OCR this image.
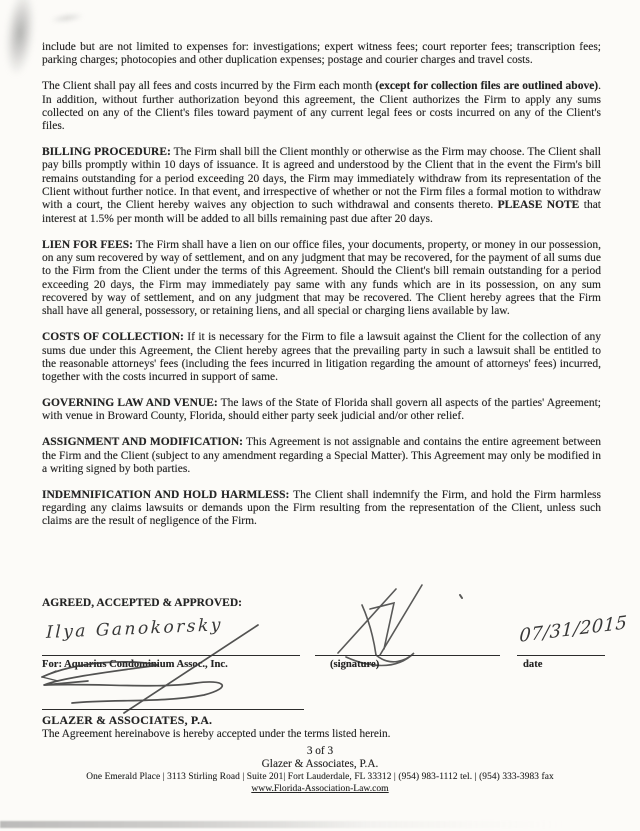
include but are not limited to expenses for: investigations; expert witness fees; court reporter fees; transcription fees; parking charges; photocopies and other duplication expenses; postage and courier charges and travel costs.

The Client shall pay all fees and costs incurred by the Firm each month (except for collection files are outlined above). In addition, without further authorization beyond this agreement, the Client authorizes the Firm to apply any sums collected on any of the Client's files toward payment of any current legal fees or costs incurred on any of the Client's files.

BILLING PROCEDURE: The Firm shall bill the Client monthly or otherwise as the Firm may choose. The Client shall pay bills promptly within 10 days of issuance. It is agreed and understood by the Client that in the event the Firm's bill remains outstanding for a period exceeding 20 days, the Firm may immediately withdraw from its representation of the Client without further notice. In that event, and irrespective of whether or not the Firm files a formal motion to withdraw with a court, the Client hereby waives any objection to such withdrawal and consents thereto. PLEASE NOTE that interest at 1.5% per month will be added to all bills remaining past due after 20 days.

LIEN FOR FEES: The Firm shall have a lien on our office files, your documents, property, or money in our possession, on any sum recovered by way of settlement, and on any judgment that may be recovered, for the payment of all sums due to the Firm from the Client under the terms of this Agreement. Should the Client's bill remain outstanding for a period exceeding 20 days, the Firm may immediately pay same with any funds which are in its possession, on any sum recovered by way of settlement, and on any judgment that may be recovered. The Client hereby agrees that the Firm shall have all general, possessory, or retaining liens, and all special or charging liens available by law.

COSTS OF COLLECTION: If it is necessary for the Firm to file a lawsuit against the Client for the collection of any sums due under this Agreement, the Client hereby agrees that the prevailing party in such a lawsuit shall be entitled to the reasonable attorneys' fees (including the fees incurred in litigation regarding the amount of attorneys' fees) incurred, together with the costs incurred in support of same.

GOVERNING LAW AND VENUE: The laws of the State of Florida shall govern all aspects of the parties' Agreement; with venue in Broward County, Florida, should either party seek judicial and/or other relief.

ASSIGNMENT AND MODIFICATION: This Agreement is not assignable and contains the entire agreement between the Firm and the Client (subject to any amendment regarding a Special Matter). This Agreement may only be modified in a writing signed by both parties.

INDEMNIFICATION AND HOLD HARMLESS: The Client shall indemnify the Firm, and hold the Firm harmless regarding any claims lawsuits or demands upon the Firm resulting from the representation of the Client, unless such claims are the result of negligence of the Firm.

AGREED, ACCEPTED & APPROVED:
Ilya Ganokorsky
For: Aquarius Condominium Assoc., Inc.	(signature)
07/31/2015
date
GLAZER & ASSOCIATES, P.A.
The Agreement hereinabove is hereby accepted under the terms listed herein.
3 of 3
Glazer & Associates, P.A.
One Emerald Place | 3113 Stirling Road | Suite 201| Fort Lauderdale, FL 33312 | (954) 983-1112 tel. | (954) 333-3983 fax
www.Florida-Association-Law.com
